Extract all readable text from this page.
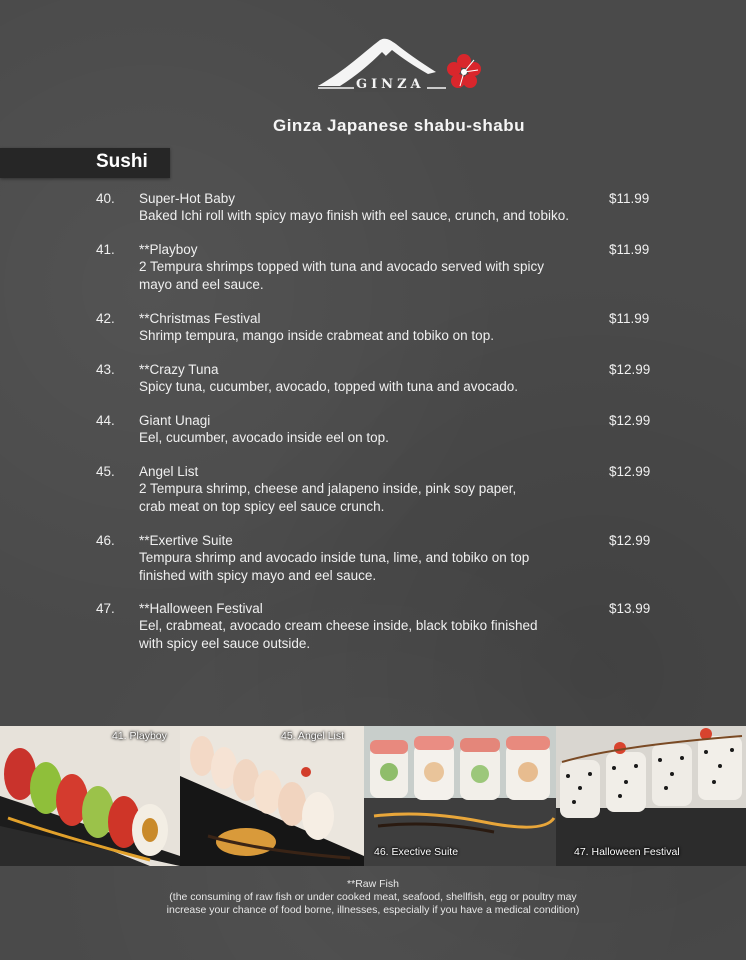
GINZA
Ginza Japanese shabu-shabu
Sushi
40. Super-Hot Baby	$11.99
Baked Ichi roll with spicy mayo finish with eel sauce, crunch, and tobiko.
41. **Playboy	$11.99
2 Tempura shrimps topped with tuna and avocado served with spicy
mayo and eel sauce.
42. **Christmas Festival	$11.99
Shrimp tempura, mango inside crabmeat and tobiko on top.
43. **Crazy Tuna	$12.99
Spicy tuna, cucumber, avocado, topped with tuna and avocado.
44. Giant Unagi	$12.99
Eel, cucumber, avocado inside eel on top.
45. Angel List	$12.99
2 Tempura shrimp, cheese and jalapeno inside, pink soy paper,
crab meat on top spicy eel sauce crunch.
46. **Exertive Suite	$12.99
Tempura shrimp and avocado inside tuna, lime, and tobiko on top
finished with spicy mayo and eel sauce.
47. **Halloween Festival	$13.99
Eel, crabmeat, avocado cream cheese inside, black tobiko finished
with spicy eel sauce outside.
41. Playboy	45. Angel List
46. Exective Suite	47. Halloween Festival
**Raw Fish
(the consuming of raw fish or under cooked meat, seafood, shellfish, egg or poultry may
increase your chance of food borne, illnesses, especially if you have a medical condition)
